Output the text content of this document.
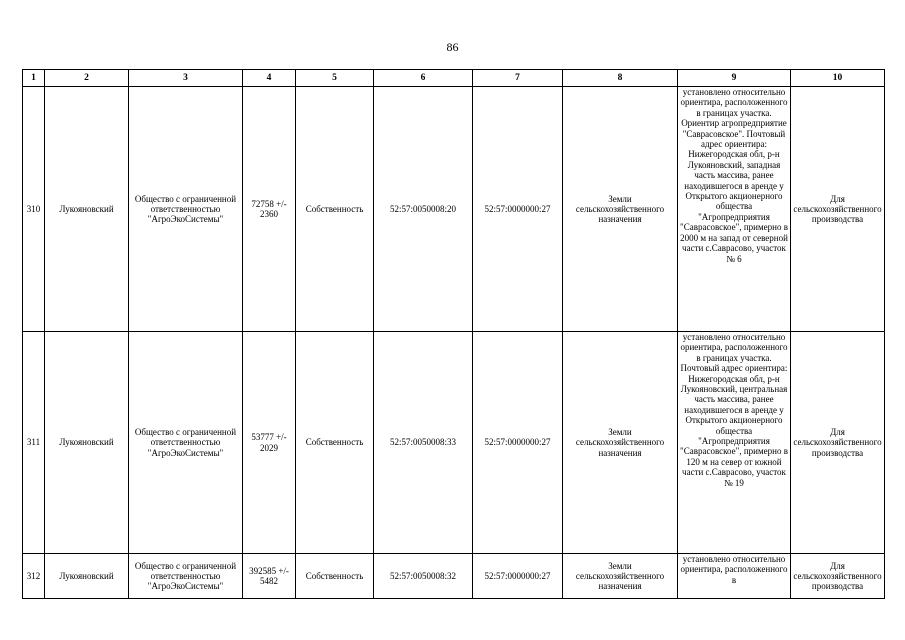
86
1	2	3	4	5	6	7	8	9	10
310	Лукояновский	Общество с ограниченной ответственностью "АгроЭкоСистемы"	72758 +/- 2360	Собственность	52:57:0050008:20	52:57:0000000:27	Земли сельскохозяйственного назначения	установлено относительно ориентира, расположенного в границах участка. Ориентир агропредприятие "Саврасовское". Почтовый адрес ориентира: Нижегородская обл, р-н Лукояновский, западная часть массива, ранее находившегося в аренде у Открытого акционерного общества "Агропредприятия "Саврасовское", примерно в 2000 м на запад от северной части с.Саврасово, участок № 6	Для сельскохозяйственного производства
311	Лукояновский	Общество с ограниченной ответственностью "АгроЭкоСистемы"	53777 +/- 2029	Собственность	52:57:0050008:33	52:57:0000000:27	Земли сельскохозяйственного назначения	установлено относительно ориентира, расположенного в границах участка. Почтовый адрес ориентира: Нижегородская обл, р-н Лукояновский, центральная часть массива, ранее находившегося в аренде у Открытого акционерного общества "Агропредприятия "Саврасовское", примерно в 120 м на север от южной части с.Саврасово, участок № 19	Для сельскохозяйственного производства
312	Лукояновский	Общество с ограниченной ответственностью "АгроЭкоСистемы"	392585 +/- 5482	Собственность	52:57:0050008:32	52:57:0000000:27	Земли сельскохозяйственного назначения	установлено относительно ориентира, расположенного в	Для сельскохозяйственного производства
